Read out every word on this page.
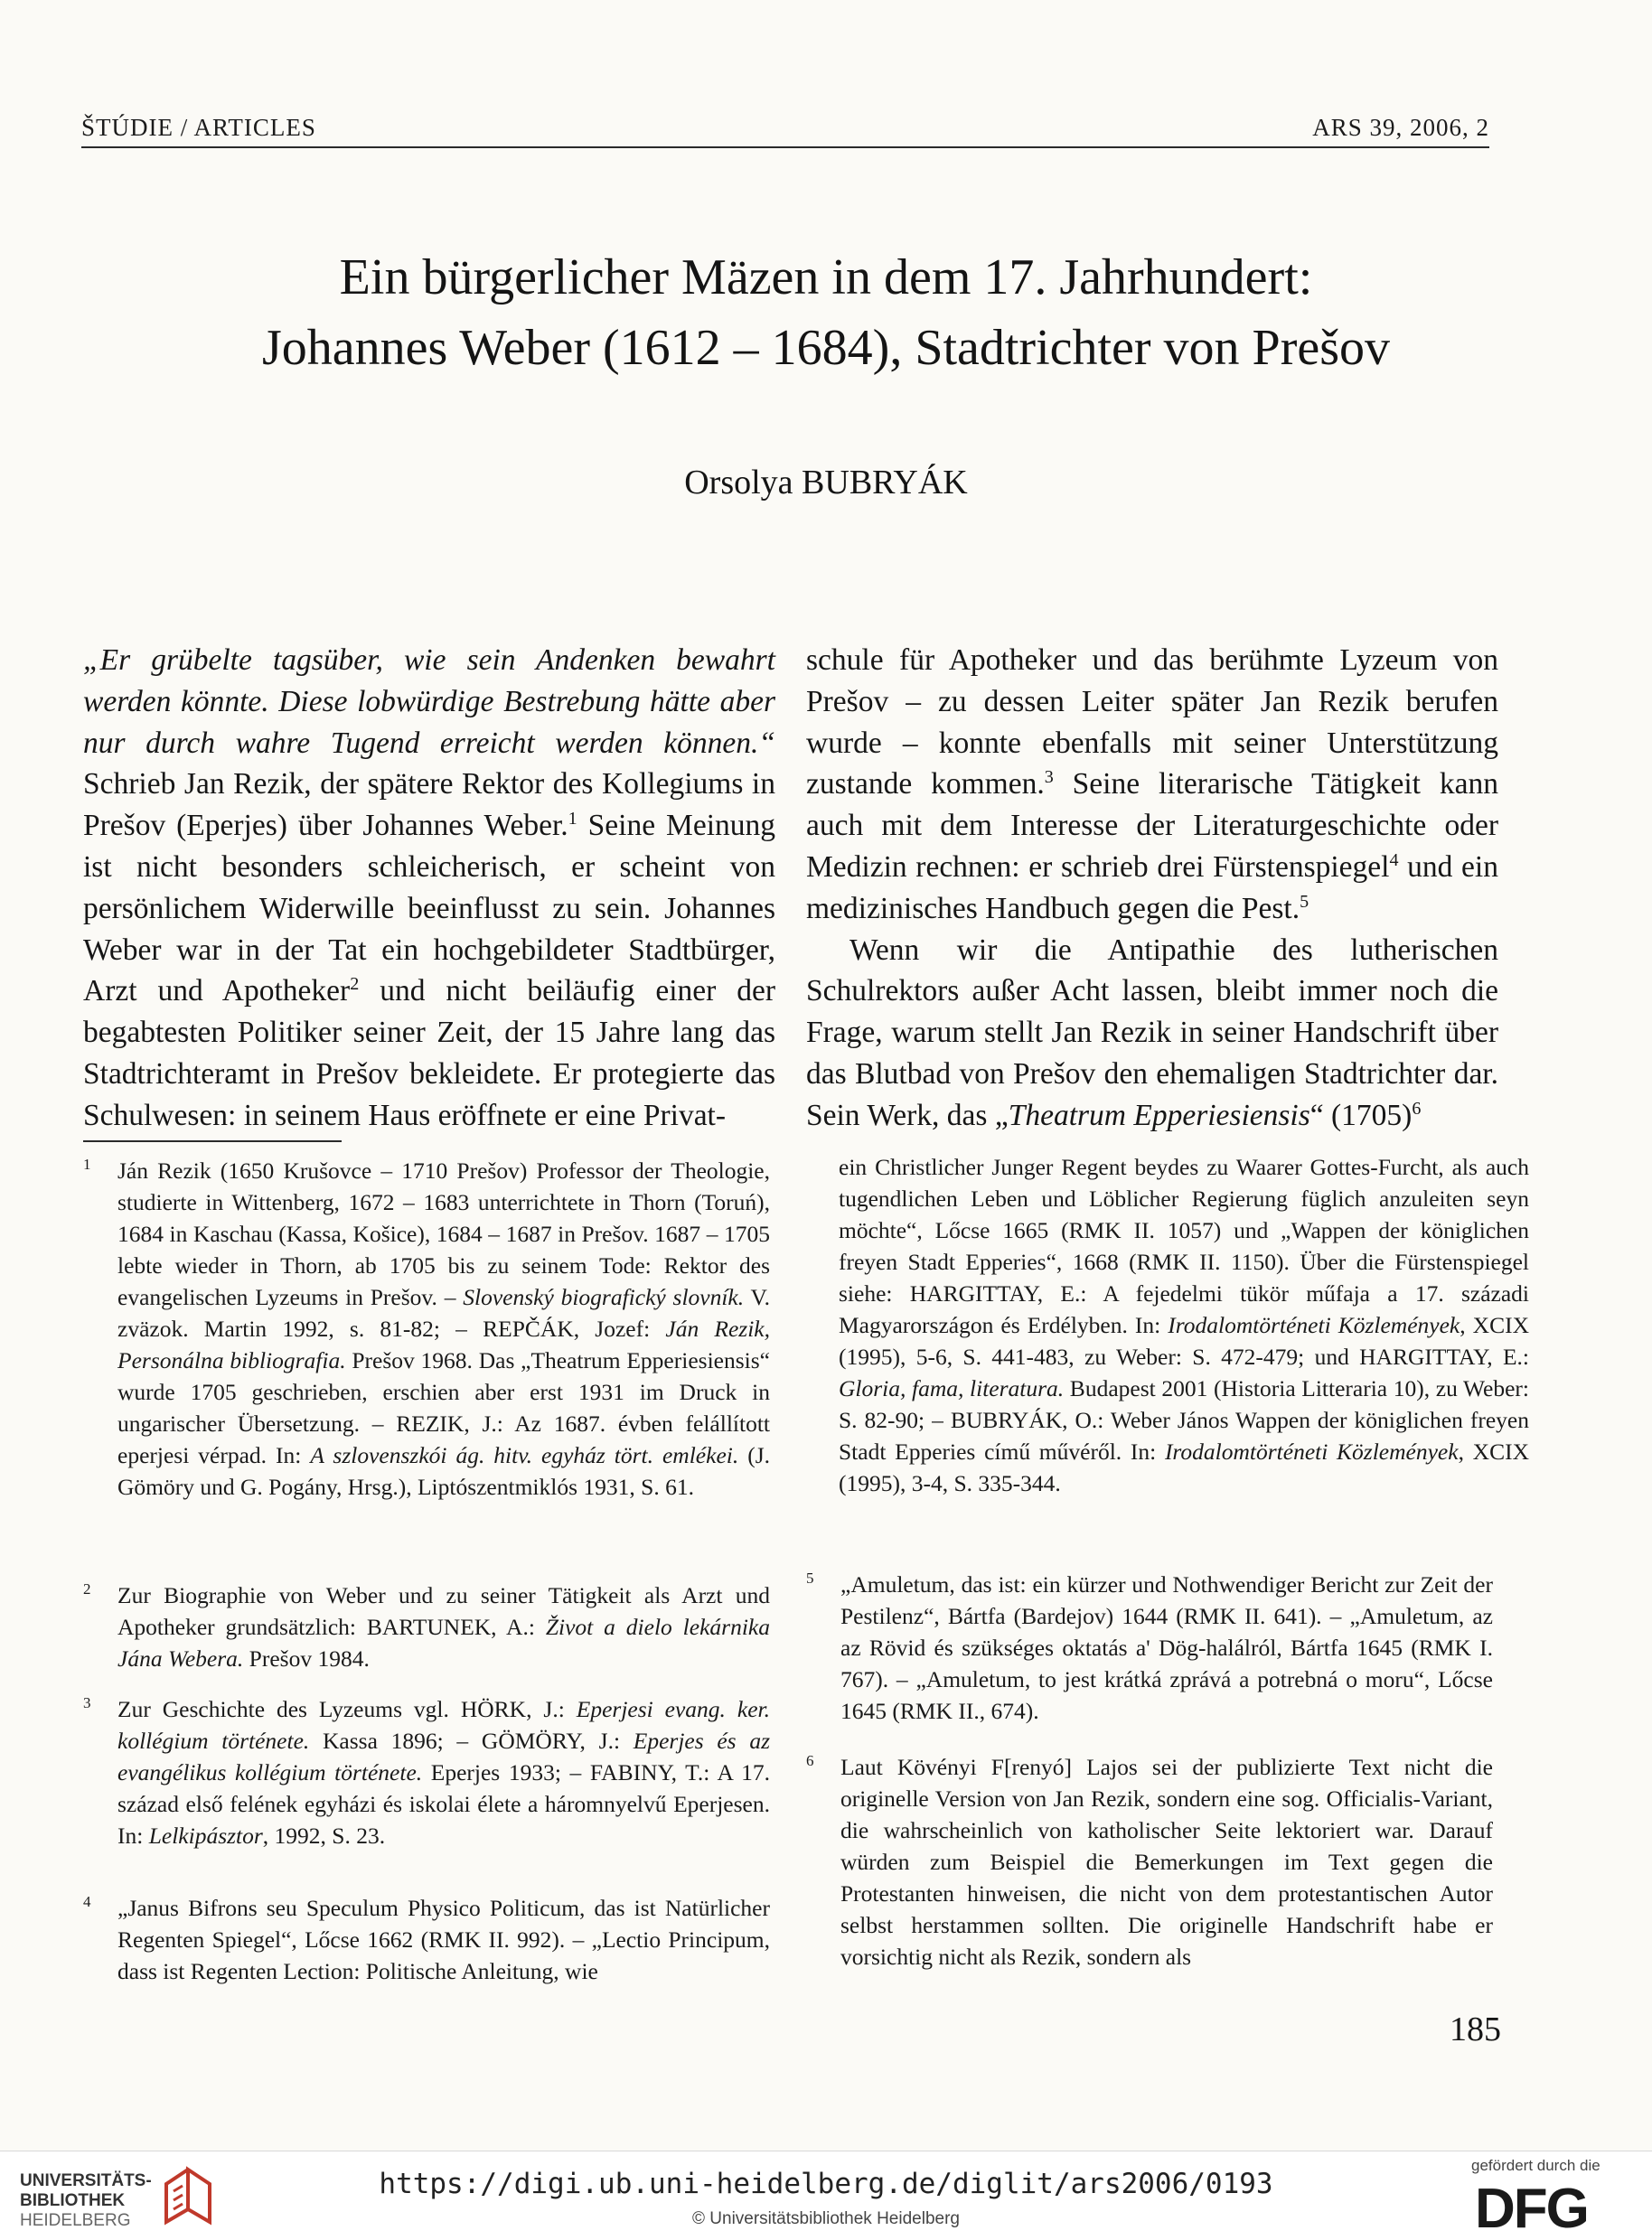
ŠTÚDIE / ARTICLES	ARS 39, 2006, 2
Ein bürgerlicher Mäzen in dem 17. Jahrhundert:
Johannes Weber (1612 – 1684), Stadtrichter von Prešov
Orsolya BUBRYÁK

„Er grübelte tagsüber, wie sein Andenken bewahrt werden könnte. Diese lobwürdige Bestrebung hätte aber nur durch wahre Tugend erreicht werden können.“ Schrieb Jan Rezik, der spätere Rektor des Kollegiums in Prešov (Eperjes) über Johannes Weber.$^1$ Seine Meinung ist nicht besonders schleicherisch, er scheint von persönlichem Widerwille beeinflusst zu sein. Johannes Weber war in der Tat ein hochgebildeter Stadtbürger, Arzt und Apotheker$^2$ und nicht beiläufig einer der begabtesten Politiker seiner Zeit, der 15 Jahre lang das Stadtrichteramt in Prešov bekleidete. Er protegierte das Schulwesen: in seinem Haus eröffnete er eine Privat-

schule für Apotheker und das berühmte Lyzeum von Prešov – zu dessen Leiter später Jan Rezik berufen wurde – konnte ebenfalls mit seiner Unterstützung zustande kommen.$^3$ Seine literarische Tätigkeit kann auch mit dem Interesse der Literaturgeschichte oder Medizin rechnen: er schrieb drei Fürstenspiegel$^4$ und ein medizinisches Handbuch gegen die Pest.$^5$

Wenn wir die Antipathie des lutherischen Schulrektors außer Acht lassen, bleibt immer noch die Frage, warum stellt Jan Rezik in seiner Handschrift über das Blutbad von Prešov den ehemaligen Stadtrichter dar. Sein Werk, das „Theatrum Epperiesiensis“ $(1705)^6$

1 Ján Rezik (1650 Krušovce – 1710 Prešov) Professor der Theologie, studierte in Wittenberg, 1672 – 1683 unterrichtete in Thorn (Toruń), 1684 in Kaschau (Kassa, Košice), 1684 – 1687 in Prešov. 1687 – 1705 lebte wieder in Thorn, ab 1705 bis zu seinem Tode: Rektor des evangelischen Lyzeums in Prešov. – Slovenský biografický slovník. V. zväzok. Martin 1992, s. 81-82; – REPČÁK, Jozef: Ján Rezik, Personálna bibliografia. Prešov 1968. Das „Theatrum Epperiesiensis“ wurde 1705 geschrieben, erschien aber erst 1931 im Druck in ungarischer Übersetzung. – REZIK, J.: Az 1687. évben felállított eperjesi vérpad. In: A szlovenszkói ág. hitv. egyház tört. emlékei. (J. Gömöry und G. Pogány, Hrsg.), Liptószentmiklós 1931, S. 61.
2 Zur Biographie von Weber und zu seiner Tätigkeit als Arzt und Apotheker grundsätzlich: BARTUNEK, A.: Život a dielo lekárnika Jána Webera. Prešov 1984.
3 Zur Geschichte des Lyzeums vgl. HÖRK, J.: Eperjesi evang. ker. kollégium története. Kassa 1896; – GÖMÖRY, J.: Eperjes és az evangélikus kollégium története. Eperjes 1933; – FABINY, T.: A 17. század első felének egyházi és iskolai élete a háromnyelvű Eperjesen. In: Lelkipásztor, 1992, S. 23.
4 „Janus Bifrons seu Speculum Physico Politicum, das ist Natürlicher Regenten Spiegel“, Lőcse 1662 (RMK II. 992). – „Lectio Principum, dass ist Regenten Lection: Politische Anleitung, wie
ein Christlicher Junger Regent beydes zu Waarer Gottes-Furcht, als auch tugendlichen Leben und Löblicher Regierung füglich anzuleiten seyn möchte“, Lőcse 1665 (RMK II. 1057) und „Wappen der königlichen freyen Stadt Epperies“, 1668 (RMK II. 1150). Über die Fürstenspiegel siehe: HARGITTAY, E.: A fejedelmi tükör műfaja a 17. századi Magyarországon és Erdélyben. In: Irodalomtörténeti Közlemények, XCIX (1995), 5-6, S. 441-483, zu Weber: S. 472-479; und HARGITTAY, E.: Gloria, fama, literatura. Budapest 2001 (Historia Litteraria 10), zu Weber: S. 82-90; – BUBRYÁK, O.: Weber János Wappen der königlichen freyen Stadt Epperies című művéről. In: Irodalomtörténeti Közlemények, XCIX (1995), 3-4, S. 335-344.
5 „Amuletum, das ist: ein kürzer und Nothwendiger Bericht zur Zeit der Pestilenz“, Bártfa (Bardejov) 1644 (RMK II. 641). – „Amuletum, az az Rövid és szükséges oktatás a' Dög-halálról, Bártfa 1645 (RMK I. 767). – „Amuletum, to jest krátká zprává a potrebná o moru“, Lőcse 1645 (RMK II., 674).
6 Laut Kövényi F[renyó] Lajos sei der publizierte Text nicht die originelle Version von Jan Rezik, sondern eine sog. Officialis-Variant, die wahrscheinlich von katholischer Seite lektoriert war. Darauf würden zum Beispiel die Bemerkungen im Text gegen die Protestanten hinweisen, die nicht von dem protestantischen Autor selbst herstammen sollten. Die originelle Handschrift habe er vorsichtig nicht als Rezik, sondern als
185
UNIVERSITÄTS-
BIBLIOTHEK
HEIDELBERG
https://digi.ub.uni-heidelberg.de/diglit/ars2006/0193
© Universitätsbibliothek Heidelberg
gefördert durch die
DFG
